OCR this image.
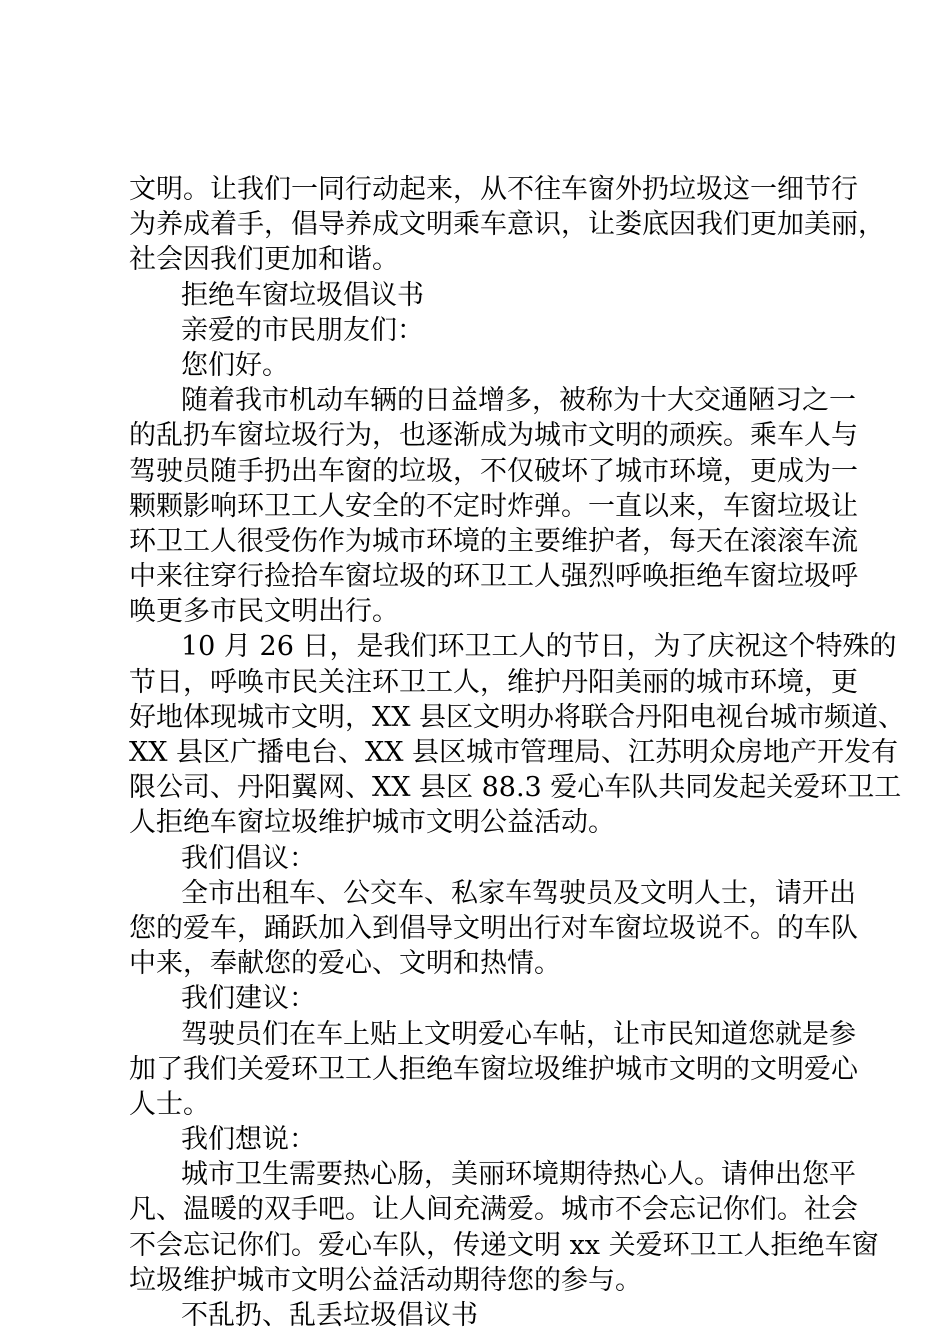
文明。让我们一同行动起来，从不往车窗外扔垃圾这一细节行
为养成着手，倡导养成文明乘车意识，让娄底因我们更加美丽，
社会因我们更加和谐。
拒绝车窗垃圾倡议书
亲爱的市民朋友们：
您们好。
随着我市机动车辆的日益增多，被称为十大交通陋习之一
的乱扔车窗垃圾行为，也逐渐成为城市文明的顽疾。乘车人与
驾驶员随手扔出车窗的垃圾，不仅破坏了城市环境，更成为一
颗颗影响环卫工人安全的不定时炸弹。一直以来，车窗垃圾让
环卫工人很受伤作为城市环境的主要维护者，每天在滚滚车流
中来往穿行捡拾车窗垃圾的环卫工人强烈呼唤拒绝车窗垃圾呼
唤更多市民文明出行。
10 月 26 日，是我们环卫工人的节日，为了庆祝这个特殊的
节日，呼唤市民关注环卫工人，维护丹阳美丽的城市环境，更
好地体现城市文明，XX 县区文明办将联合丹阳电视台城市频道、
XX 县区广播电台、XX 县区城市管理局、江苏明众房地产开发有
限公司、丹阳翼网、XX 县区 88.3 爱心车队共同发起关爱环卫工
人拒绝车窗垃圾维护城市文明公益活动。
我们倡议：
全市出租车、公交车、私家车驾驶员及文明人士，请开出
您的爱车，踊跃加入到倡导文明出行对车窗垃圾说不。的车队
中来，奉献您的爱心、文明和热情。
我们建议：
驾驶员们在车上贴上文明爱心车帖，让市民知道您就是参
加了我们关爱环卫工人拒绝车窗垃圾维护城市文明的文明爱心
人士。
我们想说：
城市卫生需要热心肠，美丽环境期待热心人。请伸出您平
凡、温暖的双手吧。让人间充满爱。城市不会忘记你们。社会
不会忘记你们。爱心车队，传递文明 xx 关爱环卫工人拒绝车窗
垃圾维护城市文明公益活动期待您的参与。
不乱扔、乱丢垃圾倡议书
